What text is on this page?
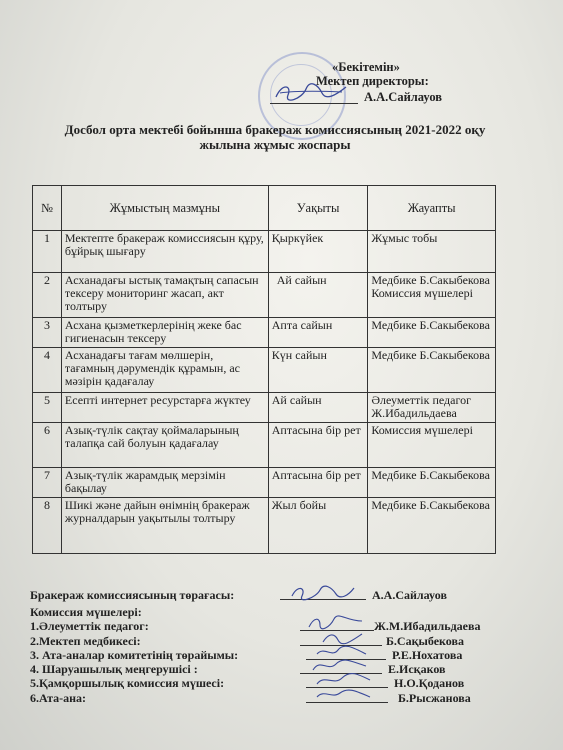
«Бекітемін»
Мектеп директоры:
А.А.Сайлауов
Досбол орта мектебі бойынша бракераж комиссиясының 2021-2022 оқу жылына жұмыс жоспары
№	Жұмыстың мазмұны	Уақыты	Жауапты
1	Мектепте бракераж комиссиясын құру, бұйрық шығару	Қыркүйек	Жұмыс тобы
2	Асханадағы ыстық тамақтың сапасын тексеру мониторинг жасап, акт толтыру	Ай сайын	Медбике Б.Сакыбекова Комиссия мүшелері
3	Асхана қызметкерлерінің жеке бас гигиенасын тексеру	Апта сайын	Медбике Б.Сакыбекова
4	Асханадағы тағам мөлшерін, тағамның дәрумендік құрамын, ас мәзірін қадағалау	Күн сайын	Медбике Б.Сакыбекова
5	Есепті интернет ресурстарға жүктеу	Ай сайын	Әлеуметтік педагог Ж.Ибадильдаева
6	Азық-түлік сақтау қоймаларының талапқа сай болуын қадағалау	Аптасына бір рет	Комиссия мүшелері
7	Азық-түлік жарамдық мерзімін бақылау	Аптасына бір рет	Медбике Б.Сакыбекова
8	Шикі және дайын өнімнің бракераж журналдарын уақытылы толтыру	Жыл бойы	Медбике Б.Сакыбекова
Бракераж комиссиясының төрағасы:	А.А.Сайлауов
Комиссия мүшелері:
1.Әлеуметтік педагог:	Ж.М.Ибадильдаева
2.Мектеп медбикесі:	Б.Сақыбекова
3. Ата-аналар комитетінің төрайымы:	Р.Е.Нохатова
4. Шаруашылық меңгерушісі :	Е.Исқаков
5.Қамқоршылық комиссия мүшесі:	Н.О.Қоданов
6.Ата-ана:	Б.Рысжанова
